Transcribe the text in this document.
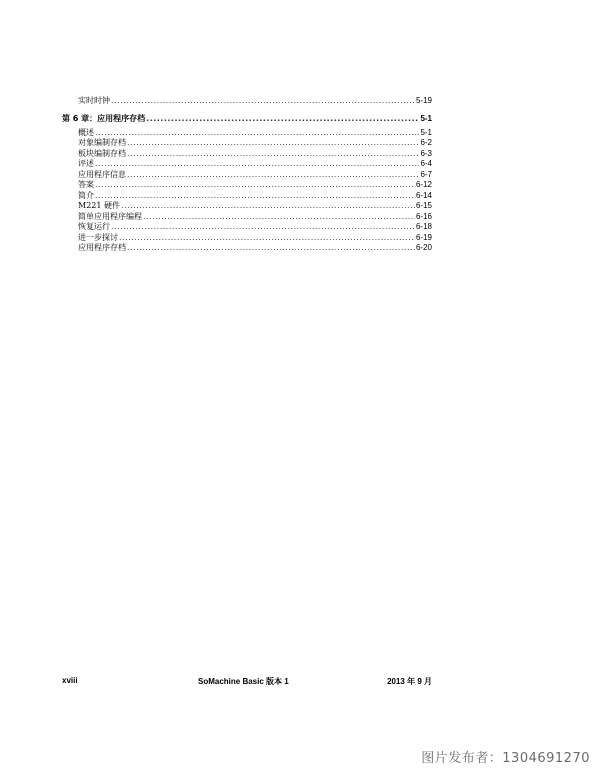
实时时钟 .....	5-19
第 6 章：应用程序存档 .....	5-1
概述 .....	5-1
对象编制存档 .....	6-2
板块编制存档 .....	6-3
评述 .....	6-4
应用程序信息 .....	6-7
答案 .....	6-12
简介 .....	6-14
M221 硬件 .....	6-15
简单应用程序编程 .....	6-16
恢复运行 .....	6-18
进一步探讨 .....	6-19
应用程序存档 .....	6-20
xviii	SoMachine Basic 版本 1	2013 年 9 月
图片发布者：1304691270
